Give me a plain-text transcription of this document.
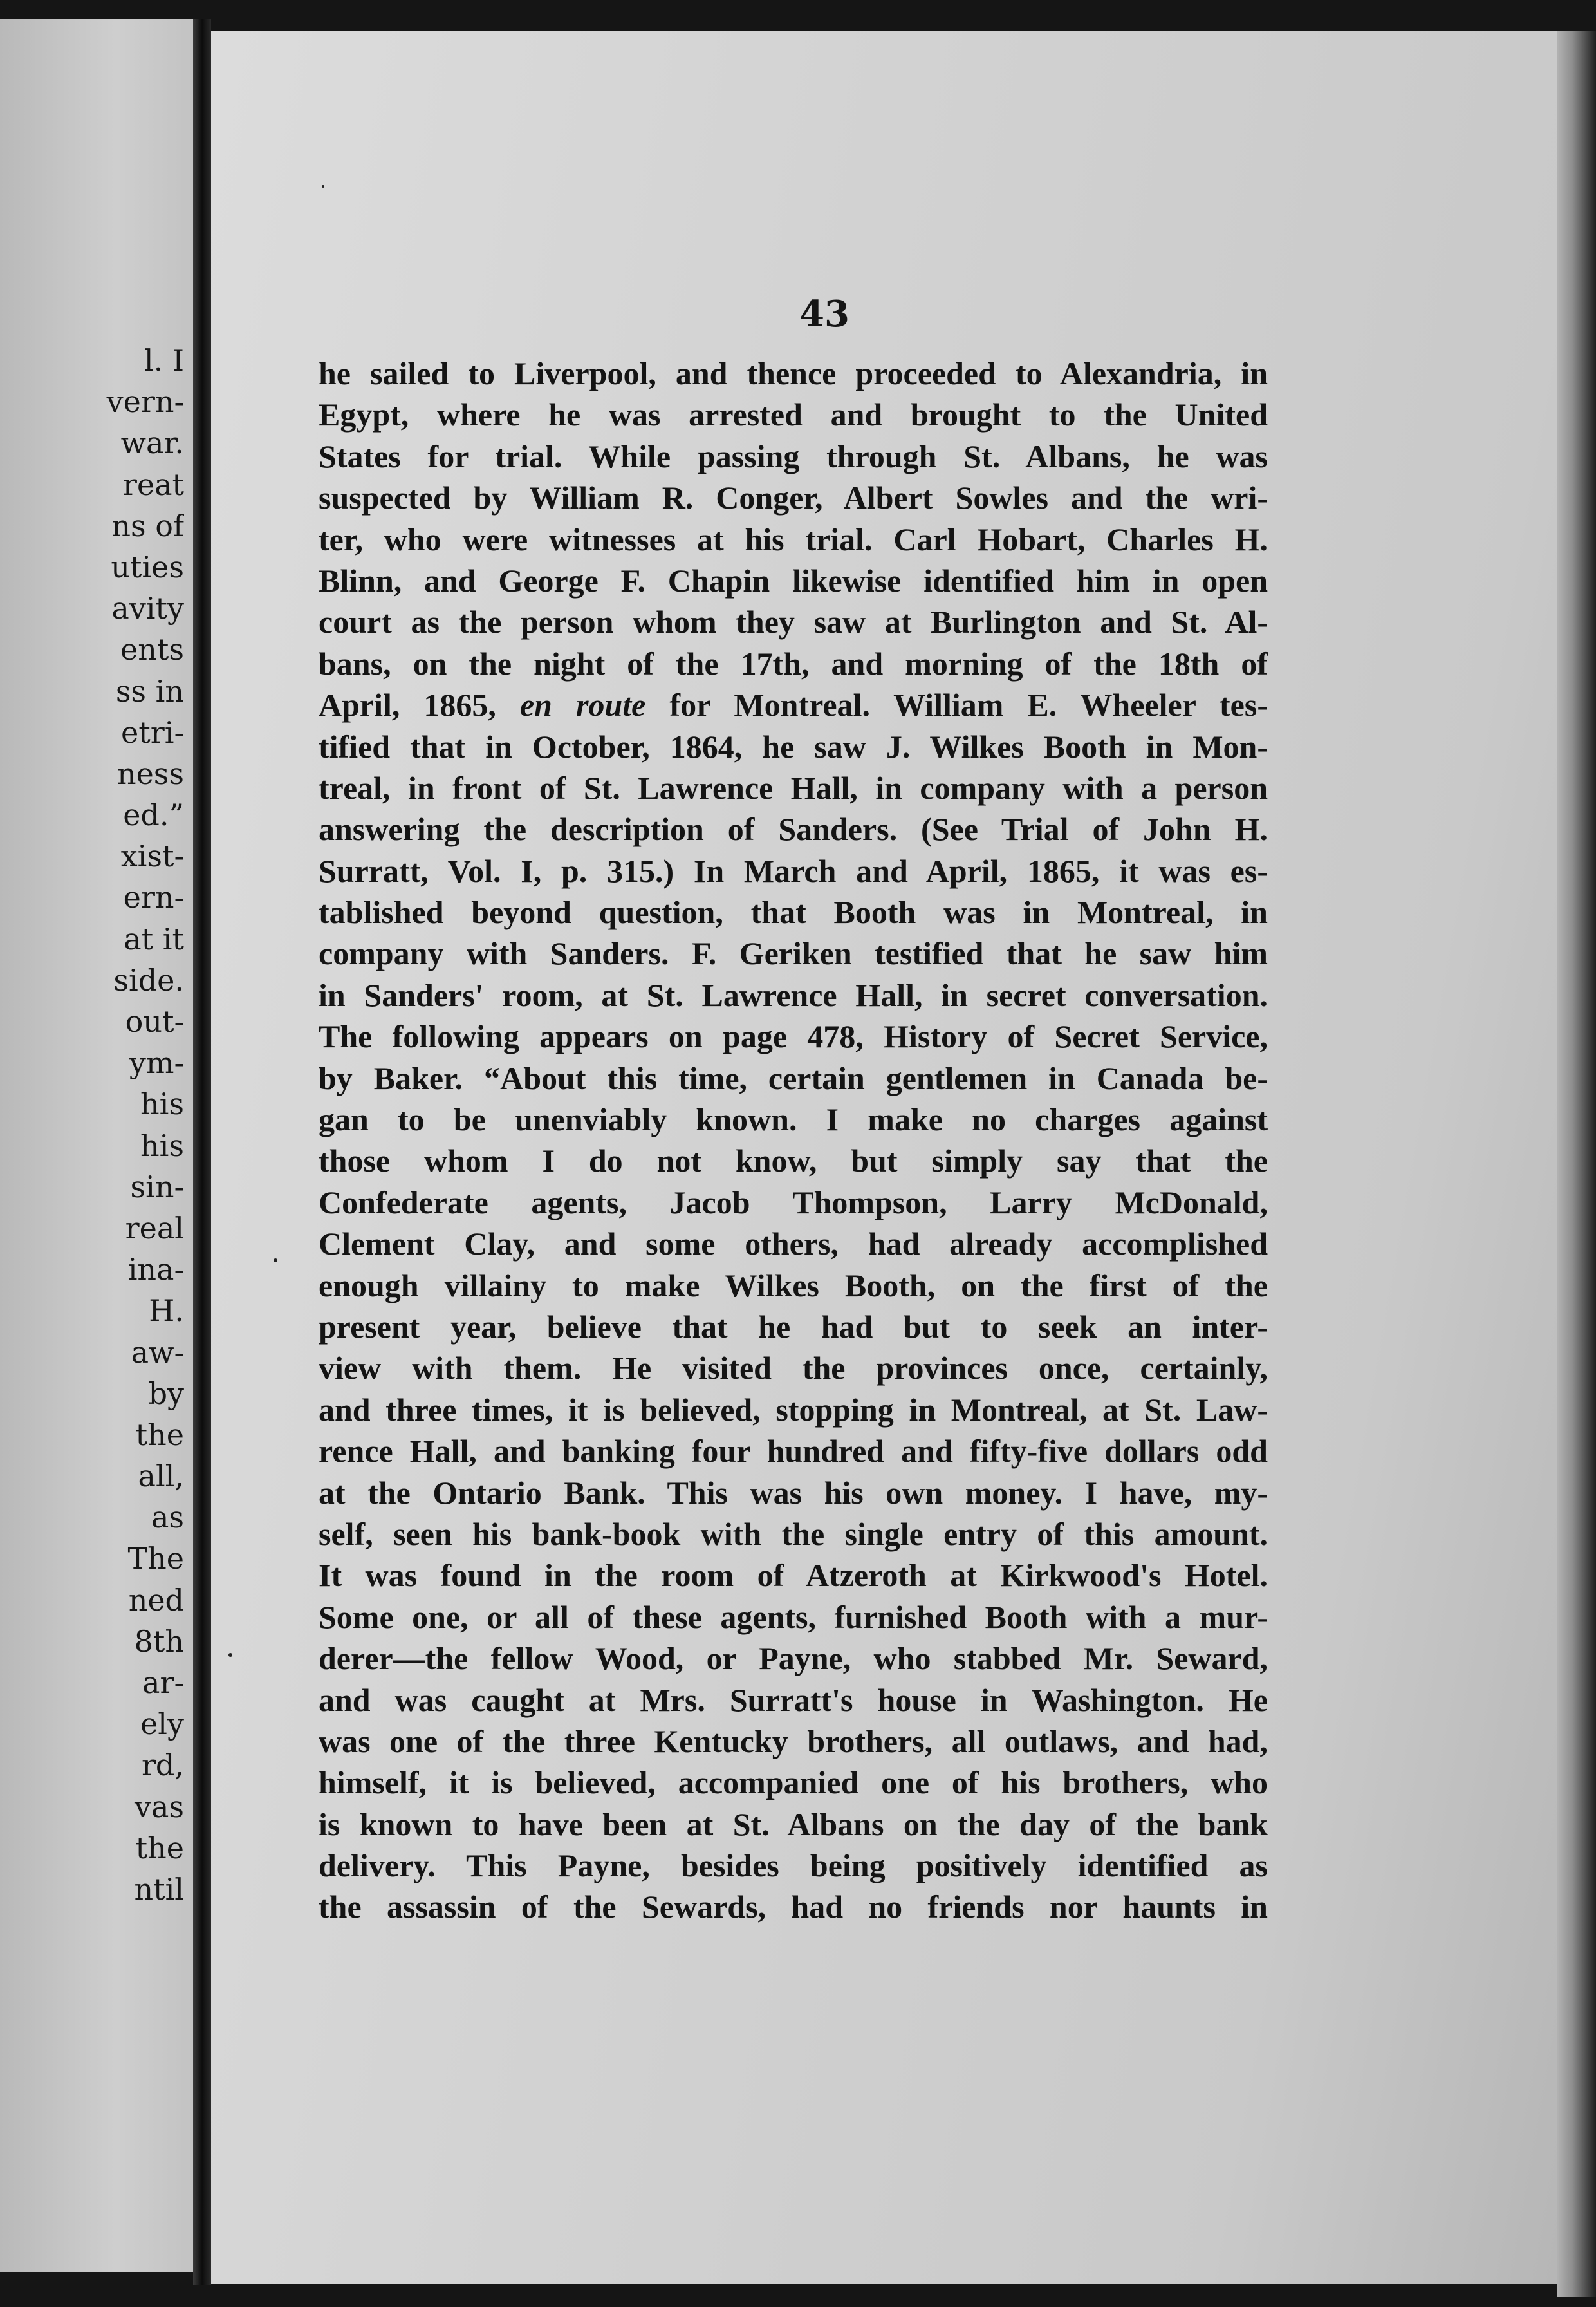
l. I
vern-
war.
reat
ns of
uties
avity
ents
ss in
etri-
ness
ed.”
xist-
ern-
at it
side.
out-
ym-
his
his
sin-
real
ina-
H.
aw-
by
the
all,
as
The
ned
8th
ar-
ely
rd,
vas
the
ntil
43
he sailed to Liverpool, and thence proceeded to Alexandria, in
Egypt, where he was arrested and brought to the United
States for trial. While passing through St. Albans, he was
suspected by William R. Conger, Albert Sowles and the wri-
ter, who were witnesses at his trial. Carl Hobart, Charles H.
Blinn, and George F. Chapin likewise identified him in open
court as the person whom they saw at Burlington and St. Al-
bans, on the night of the 17th, and morning of the 18th of
April, 1865, en route for Montreal. William E. Wheeler tes-
tified that in October, 1864, he saw J. Wilkes Booth in Mon-
treal, in front of St. Lawrence Hall, in company with a person
answering the description of Sanders. (See Trial of John H.
Surratt, Vol. I, p. 315.) In March and April, 1865, it was es-
tablished beyond question, that Booth was in Montreal, in
company with Sanders. F. Geriken testified that he saw him
in Sanders' room, at St. Lawrence Hall, in secret conversation.
The following appears on page 478, History of Secret Service,
by Baker. “About this time, certain gentlemen in Canada be-
gan to be unenviably known. I make no charges against
those whom I do not know, but simply say that the
Confederate agents, Jacob Thompson, Larry McDonald,
Clement Clay, and some others, had already accomplished
enough villainy to make Wilkes Booth, on the first of the
present year, believe that he had but to seek an inter-
view with them. He visited the provinces once, certainly,
and three times, it is believed, stopping in Montreal, at St. Law-
rence Hall, and banking four hundred and fifty-five dollars odd
at the Ontario Bank. This was his own money. I have, my-
self, seen his bank-book with the single entry of this amount.
It was found in the room of Atzeroth at Kirkwood's Hotel.
Some one, or all of these agents, furnished Booth with a mur-
derer—the fellow Wood, or Payne, who stabbed Mr. Seward,
and was caught at Mrs. Surratt's house in Washington. He
was one of the three Kentucky brothers, all outlaws, and had,
himself, it is believed, accompanied one of his brothers, who
is known to have been at St. Albans on the day of the bank
delivery. This Payne, besides being positively identified as
the assassin of the Sewards, had no friends nor haunts in
